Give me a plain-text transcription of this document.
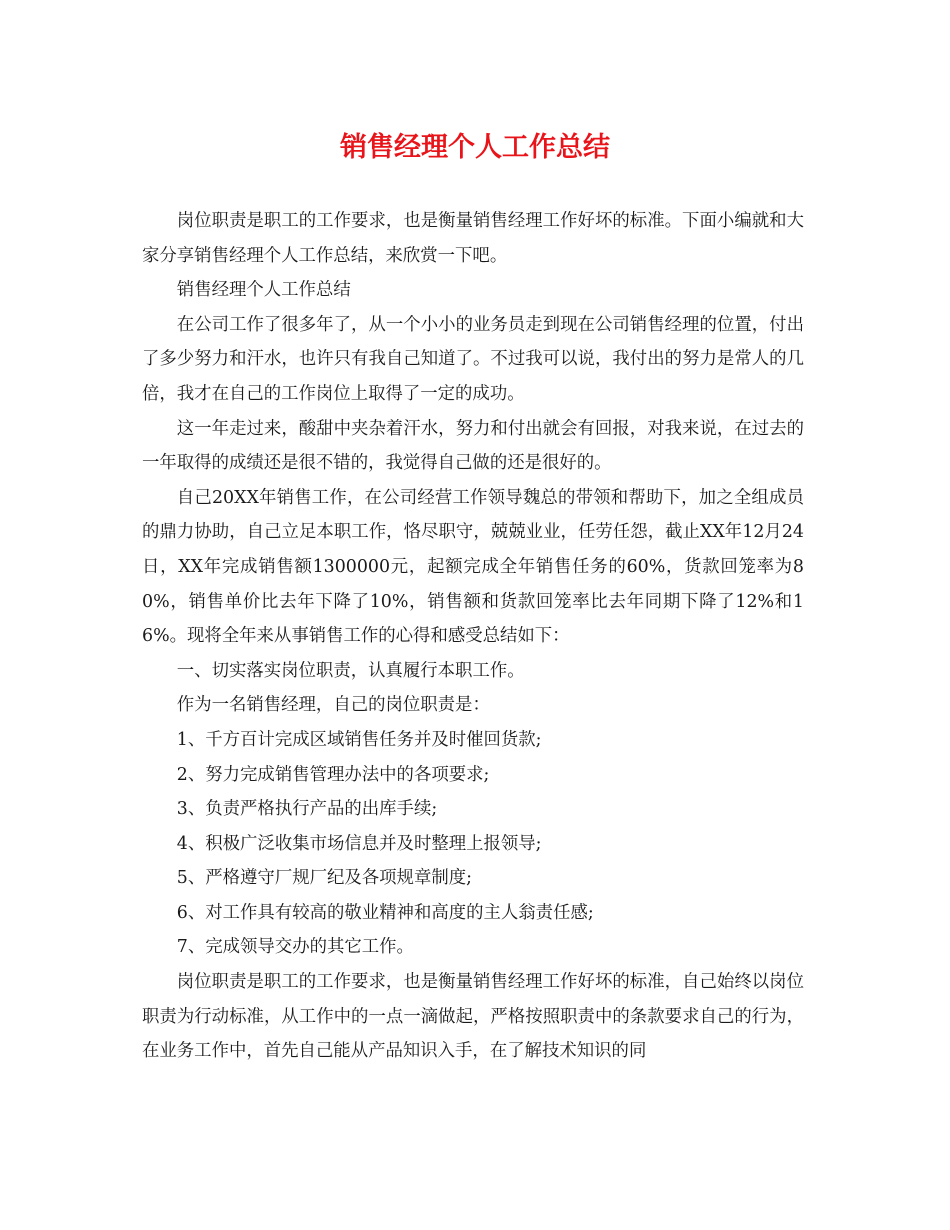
销售经理个人工作总结

岗位职责是职工的工作要求，也是衡量销售经理工作好坏的标准。下面小编就和大家分享销售经理个人工作总结，来欣赏一下吧。

销售经理个人工作总结

在公司工作了很多年了，从一个小小的业务员走到现在公司销售经理的位置，付出了多少努力和汗水，也许只有我自己知道了。不过我可以说，我付出的努力是常人的几倍，我才在自己的工作岗位上取得了一定的成功。

这一年走过来，酸甜中夹杂着汗水，努力和付出就会有回报，对我来说，在过去的一年取得的成绩还是很不错的，我觉得自己做的还是很好的。

自己20XX年销售工作，在公司经营工作领导魏总的带领和帮助下，加之全组成员的鼎力协助，自己立足本职工作，恪尽职守，兢兢业业，任劳任怨，截止XX年12月24日，XX年完成销售额1300000元，起额完成全年销售任务的60%，货款回笼率为80%，销售单价比去年下降了10%，销售额和货款回笼率比去年同期下降了12%和16%。现将全年来从事销售工作的心得和感受总结如下：

一、切实落实岗位职责，认真履行本职工作。

作为一名销售经理，自己的岗位职责是：

1、千方百计完成区域销售任务并及时催回货款;

2、努力完成销售管理办法中的各项要求;

3、负责严格执行产品的出库手续;

4、积极广泛收集市场信息并及时整理上报领导;

5、严格遵守厂规厂纪及各项规章制度;

6、对工作具有较高的敬业精神和高度的主人翁责任感;

7、完成领导交办的其它工作。

岗位职责是职工的工作要求，也是衡量销售经理工作好坏的标准，自己始终以岗位职责为行动标准，从工作中的一点一滴做起，严格按照职责中的条款要求自己的行为，在业务工作中，首先自己能从产品知识入手，在了解技术知识的同
